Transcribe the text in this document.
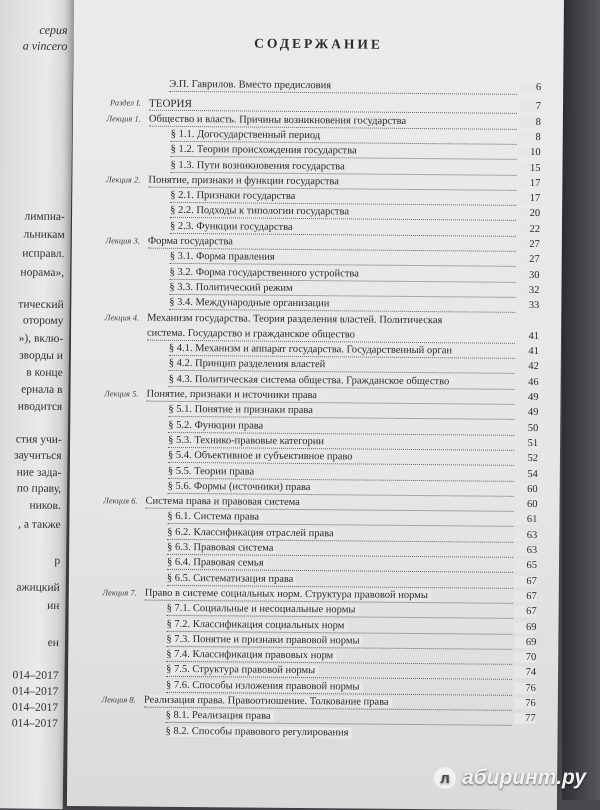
серия
a vincero
лимпиа-
льникам
исправл.
норама»,
тический
оторому
»), вклю-
зворды и
в конце
ернала в
иводится
стия учи-
заучиться
ние зада-
по праву,
ников.
, а также
р
ажицкий
ин
ен
014–2017
014–2017
014–2017
014–2017
СОДЕРЖАНИЕ
Э.П. Гаврилов. Вместо предисловия	6
Раздел I. ТЕОРИЯ	7
Лекция 1. Общество и власть. Причины возникновения государства	8
§ 1.1. Догосударственный период	8
§ 1.2. Теории происхождения государства	10
§ 1.3. Пути возникновения государства	15
Лекция 2. Понятие, признаки и функции государства	17
§ 2.1. Признаки государства	17
§ 2.2. Подходы к типологии государства	20
§ 2.3. Функции государства	22
Лекция 3. Форма государства	27
§ 3.1. Форма правления	27
§ 3.2. Форма государственного устройства	30
§ 3.3. Политический режим	32
§ 3.4. Международные организации	33
Лекция 4. Механизм государства. Теория разделения властей. Политическая
система. Государство и гражданское общество	41
§ 4.1. Механизм и аппарат государства. Государственный орган	41
§ 4.2. Принцип разделения властей	42
§ 4.3. Политическая система общества. Гражданское общество	46
Лекция 5. Понятие, признаки и источники права	49
§ 5.1. Понятие и признаки права	49
§ 5.2. Функции права	50
§ 5.3. Технико-правовые категории	51
§ 5.4. Объективное и субъективное право	52
§ 5.5. Теории права	54
§ 5.6. Формы (источники) права	60
Лекция 6. Система права и правовая система	60
§ 6.1. Система права	61
§ 6.2. Классификация отраслей права	63
§ 6.3. Правовая система	63
§ 6.4. Правовая семья	65
§ 6.5. Систематизация права	67
Лекция 7. Право в системе социальных норм. Структура правовой нормы	67
§ 7.1. Социальные и несоциальные нормы	67
§ 7.2. Классификация социальных норм	69
§ 7.3. Понятие и признаки правовой нормы	69
§ 7.4. Классификация правовых норм	70
§ 7.5. Структура правовой нормы	74
§ 7.6. Способы изложения правовой нормы	76
Лекция 8. Реализация права. Правоотношение. Толкование права	76
§ 8.1. Реализация права	77
§ 8.2. Способы правового регулирования
л абиринт.ру
